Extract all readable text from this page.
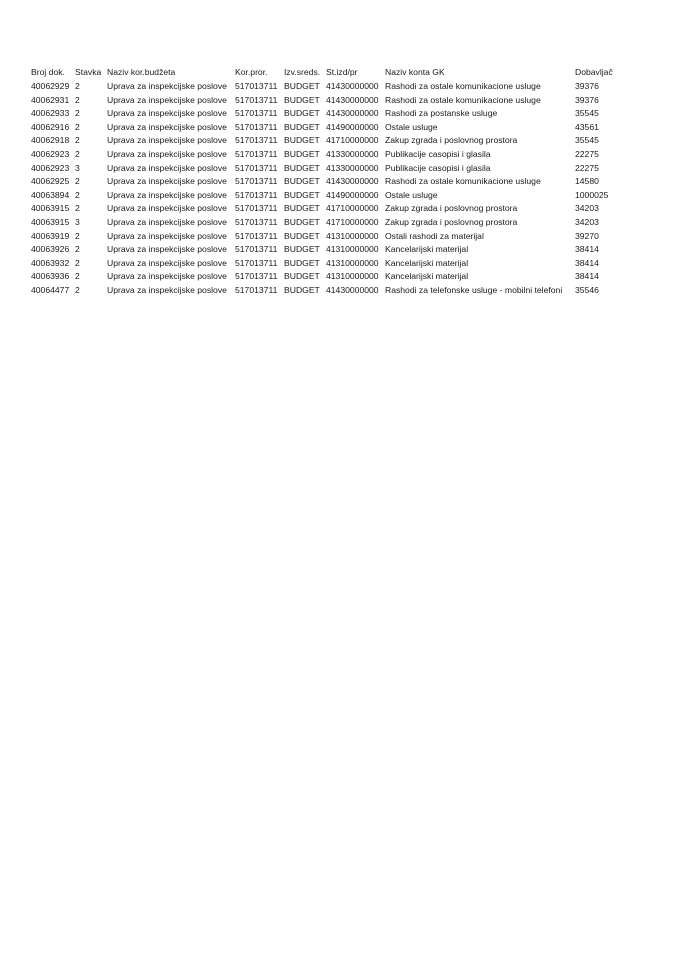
Broj dok.	Stavka	Naziv kor.budžeta	Kor.pror.	Izv.sreds.	St.izd/pr	Naziv konta GK	Dobavljač
40062929	2	Uprava za inspekcijske poslove	517013711	BUDGET	41430000000	Rashodi za ostale komunikacione usluge	39376
40062931	2	Uprava za inspekcijske poslove	517013711	BUDGET	41430000000	Rashodi za ostale komunikacione usluge	39376
40062933	2	Uprava za inspekcijske poslove	517013711	BUDGET	41430000000	Rashodi za postanske usluge	35545
40062916	2	Uprava za inspekcijske poslove	517013711	BUDGET	41490000000	Ostale usluge	43561
40062918	2	Uprava za inspekcijske poslove	517013711	BUDGET	41710000000	Zakup zgrada i poslovnog prostora	35545
40062923	2	Uprava za inspekcijske poslove	517013711	BUDGET	41330000000	Publikacije casopisi i glasila	22275
40062923	3	Uprava za inspekcijske poslove	517013711	BUDGET	41330000000	Publikacije casopisi i glasila	22275
40062925	2	Uprava za inspekcijske poslove	517013711	BUDGET	41430000000	Rashodi za ostale komunikacione usluge	14580
40063894	2	Uprava za inspekcijske poslove	517013711	BUDGET	41490000000	Ostale usluge	1000025
40063915	2	Uprava za inspekcijske poslove	517013711	BUDGET	41710000000	Zakup zgrada i poslovnog prostora	34203
40063915	3	Uprava za inspekcijske poslove	517013711	BUDGET	41710000000	Zakup zgrada i poslovnog prostora	34203
40063919	2	Uprava za inspekcijske poslove	517013711	BUDGET	41310000000	Ostali rashodi za materijal	39270
40063926	2	Uprava za inspekcijske poslove	517013711	BUDGET	41310000000	Kancelarijski materijal	38414
40063932	2	Uprava za inspekcijske poslove	517013711	BUDGET	41310000000	Kancelarijski materijal	38414
40063936	2	Uprava za inspekcijske poslove	517013711	BUDGET	41310000000	Kancelarijski materijal	38414
40064477	2	Uprava za inspekcijske poslove	517013711	BUDGET	41430000000	Rashodi za telefonske usluge - mobilni telefoni	35546
